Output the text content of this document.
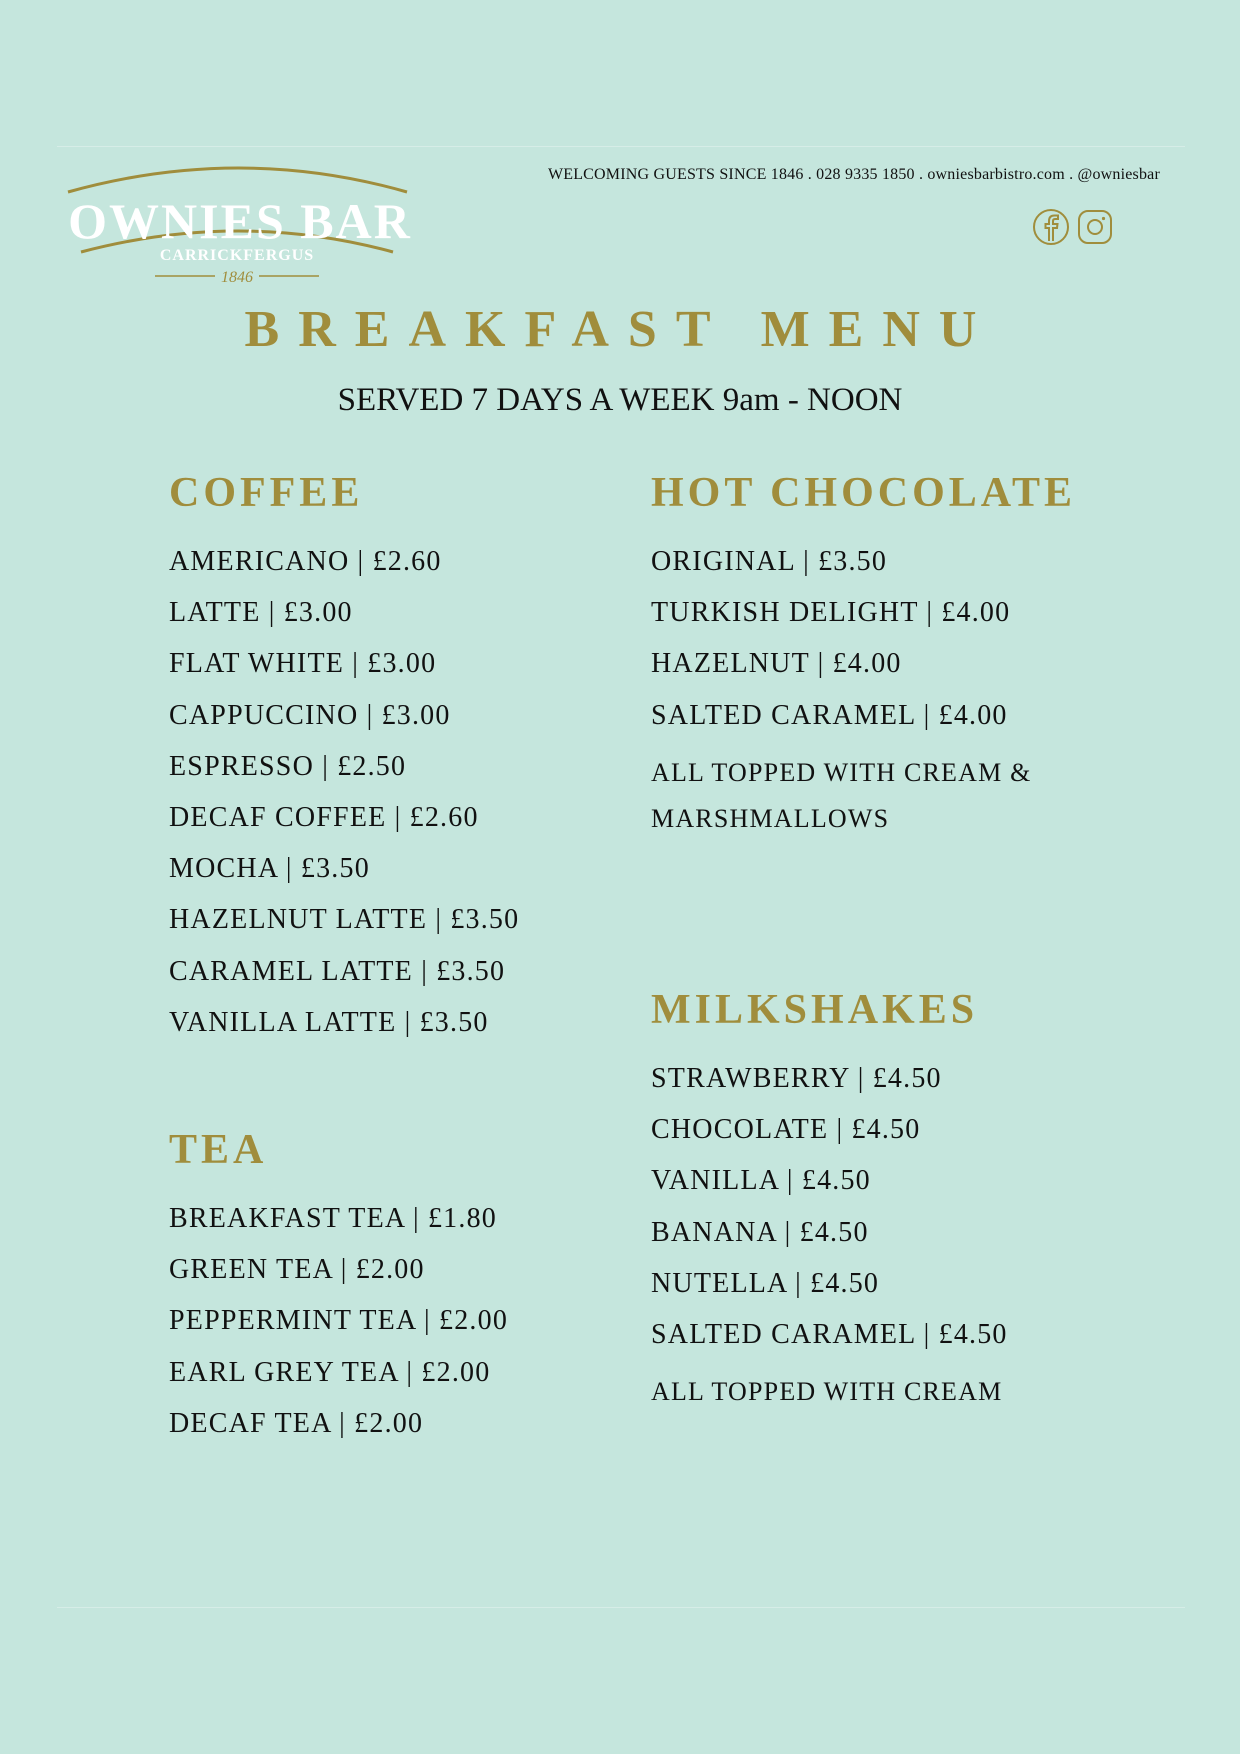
OWNIES BAR
CARRICKFERGUS
1846
WELCOMING GUESTS SINCE 1846 . 028 9335 1850 . owniesbarbistro.com . @owniesbar
BREAKFAST MENU
SERVED 7 DAYS A WEEK 9am - NOON
COFFEE
AMERICANO | £2.60
LATTE | £3.00
FLAT WHITE | £3.00
CAPPUCCINO | £3.00
ESPRESSO | £2.50
DECAF COFFEE | £2.60
MOCHA | £3.50
HAZELNUT LATTE | £3.50
CARAMEL LATTE | £3.50
VANILLA LATTE | £3.50
TEA
BREAKFAST TEA | £1.80
GREEN TEA | £2.00
PEPPERMINT TEA | £2.00
EARL GREY TEA | £2.00
DECAF TEA | £2.00
HOT CHOCOLATE
ORIGINAL | £3.50
TURKISH DELIGHT | £4.00
HAZELNUT | £4.00
SALTED CARAMEL | £4.00
ALL TOPPED WITH CREAM & MARSHMALLOWS
MILKSHAKES
STRAWBERRY | £4.50
CHOCOLATE | £4.50
VANILLA | £4.50
BANANA | £4.50
NUTELLA | £4.50
SALTED CARAMEL | £4.50
ALL TOPPED WITH CREAM
